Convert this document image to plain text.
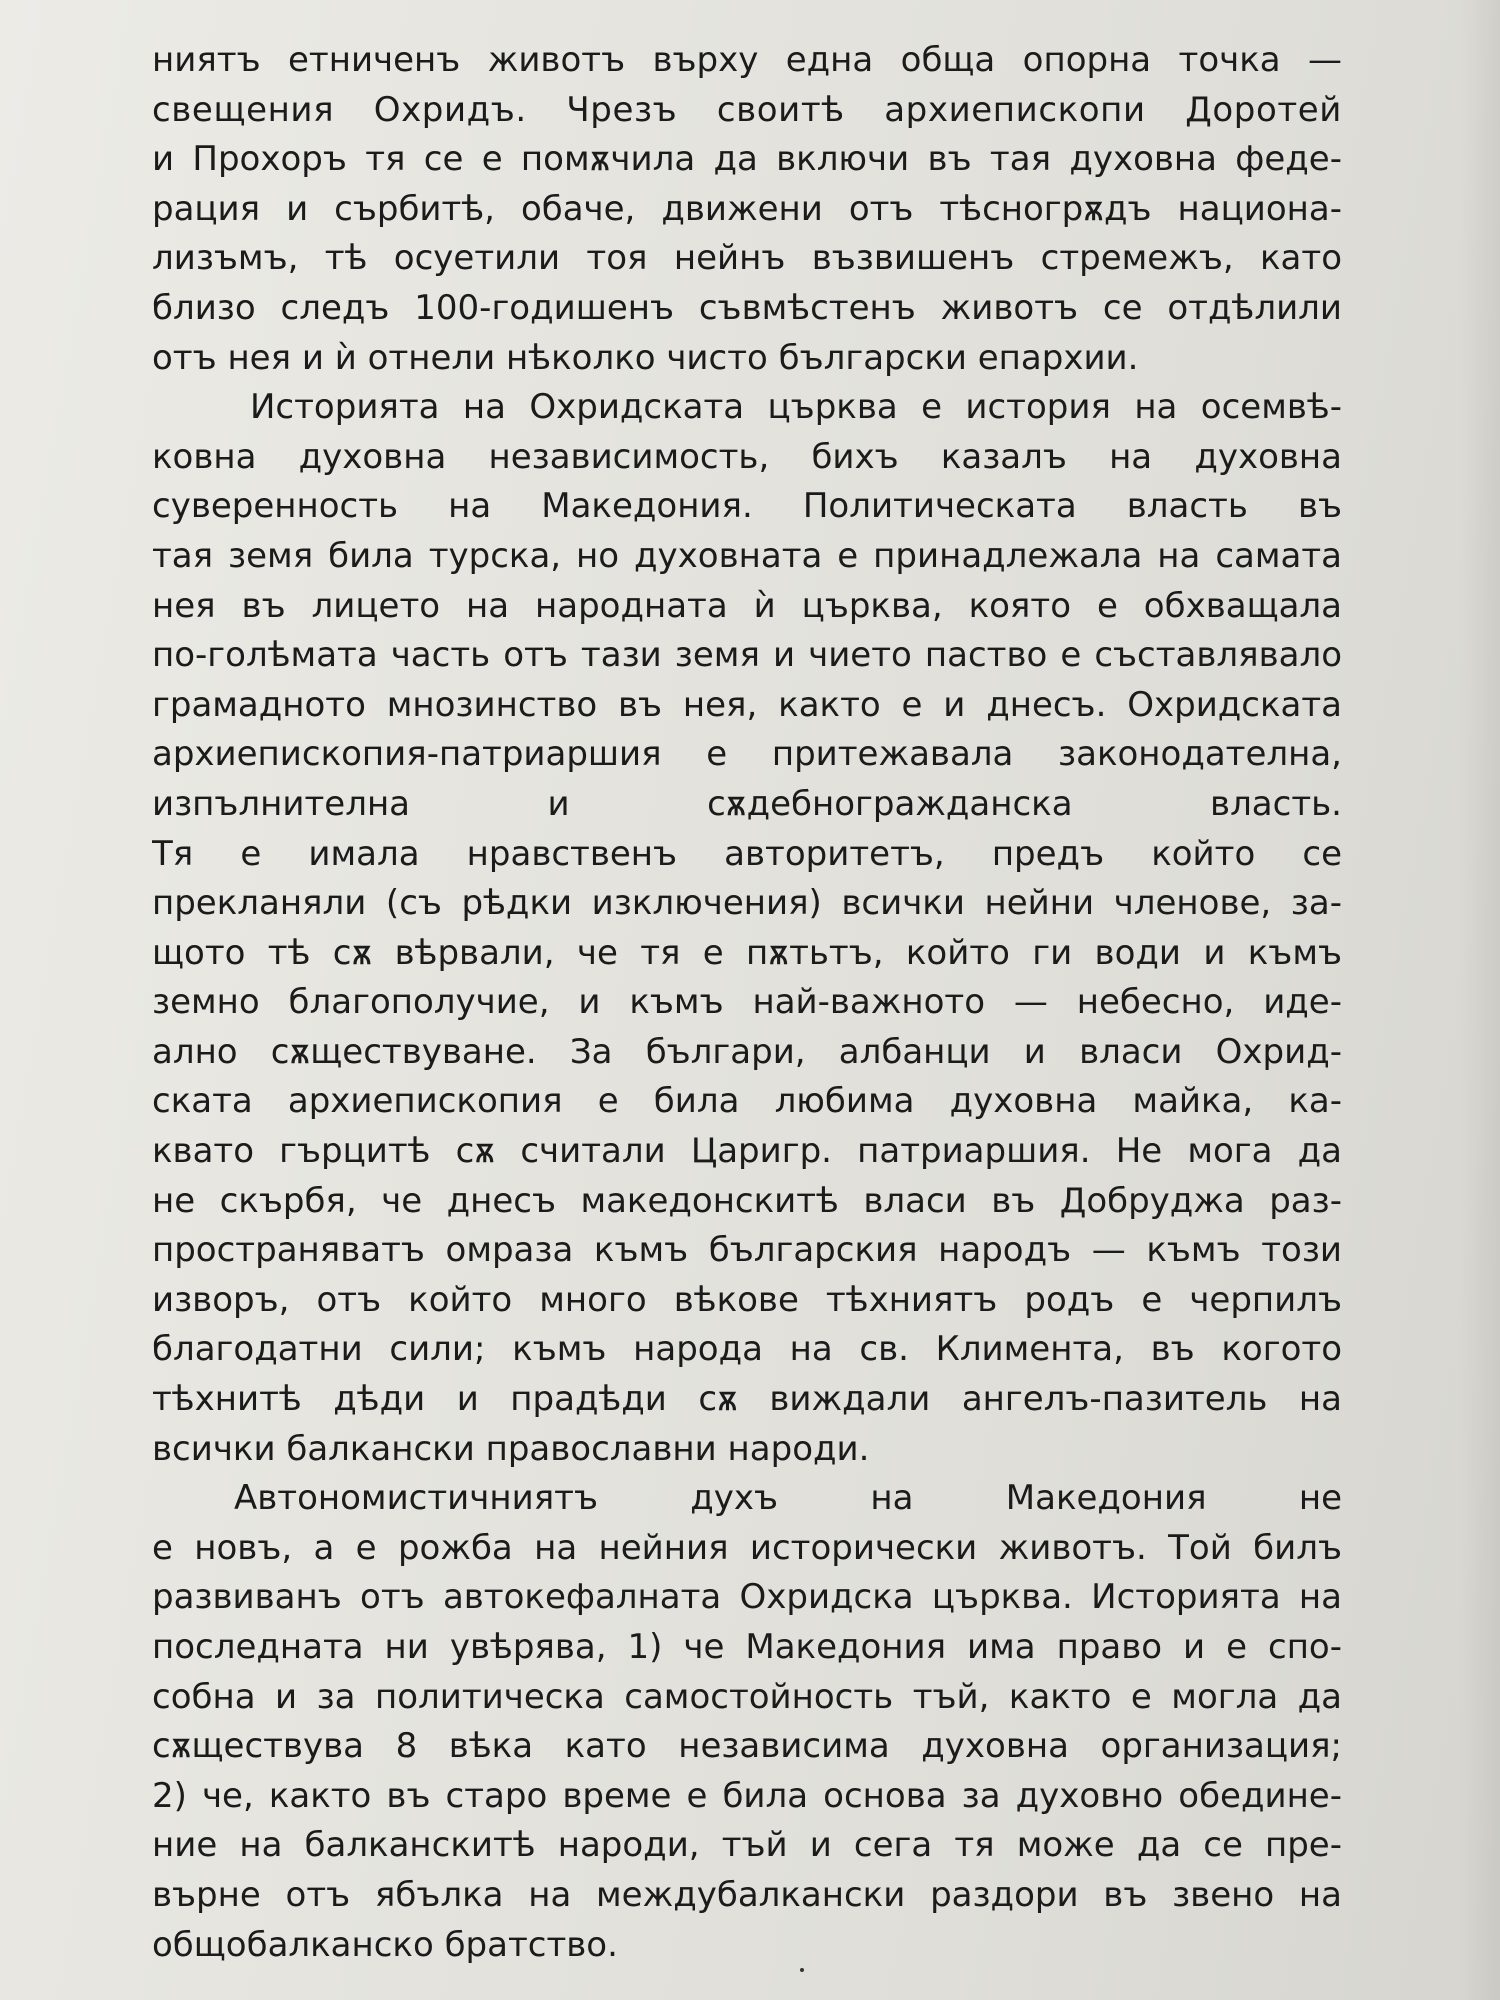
ниятъ етниченъ животъ върху една обща опорна точка —
свещения Охридъ. Чрезъ своитѣ архиепископи Доротей
и Прохоръ тя се е помѫчила да включи въ тая духовна феде-
рация и сърбитѣ, обаче, движени отъ тѣсногрѫдъ национа-
лизъмъ, тѣ осуетили тоя нейнъ възвишенъ стремежъ, като
близо следъ 100-годишенъ съвмѣстенъ животъ се отдѣлили
отъ нея и ѝ отнели нѣколко чисто български епархии.
Историята на Охридската църква е история на осемвѣ-
ковна духовна независимость, бихъ казалъ на духовна
суверенность на Македония. Политическата власть въ
тая земя била турска, но духовната е принадлежала на самата
нея въ лицето на народната ѝ църква, която е обхващала
по-голѣмата часть отъ тази земя и чието паство е съставлявало
грамадното мнозинство въ нея, както е и днесъ. Охридската
архиепископия-патриаршия е притежавала законодателна,
изпълнителна и сѫдебногражданска власть.
Тя е имала нравственъ авторитетъ, предъ който се
прекланяли (съ рѣдки изключения) всички нейни членове, за-
щото тѣ сѫ вѣрвали, че тя е пѫтьтъ, който ги води и къмъ
земно благополучие, и къмъ най-важното — небесно, иде-
ално сѫществуване. За българи, албанци и власи Охрид-
ската архиепископия е била любима духовна майка, ка-
квато гърцитѣ сѫ считали Царигр. патриаршия. Не мога да
не скърбя, че днесъ македонскитѣ власи въ Добруджа раз-
пространяватъ омраза къмъ българския народъ — къмъ този
изворъ, отъ който много вѣкове тѣхниятъ родъ е черпилъ
благодатни сили; къмъ народа на св. Климента, въ когото
тѣхнитѣ дѣди и прадѣди сѫ виждали ангелъ-пазитель на
всички балкански православни народи.
Автономистичниятъ духъ на Македония не
е новъ, а е рожба на нейния исторически животъ. Той билъ
развиванъ отъ автокефалната Охридска църква. Историята на
последната ни увѣрява, 1) че Македония има право и е спо-
собна и за политическа самостойность тъй, както е могла да
сѫществува 8 вѣка като независима духовна организация;
2) че, както въ старо време е била основа за духовно обедине-
ние на балканскитѣ народи, тъй и сега тя може да се пре-
върне отъ ябълка на междубалкански раздори въ звено на
общобалканско братство.
